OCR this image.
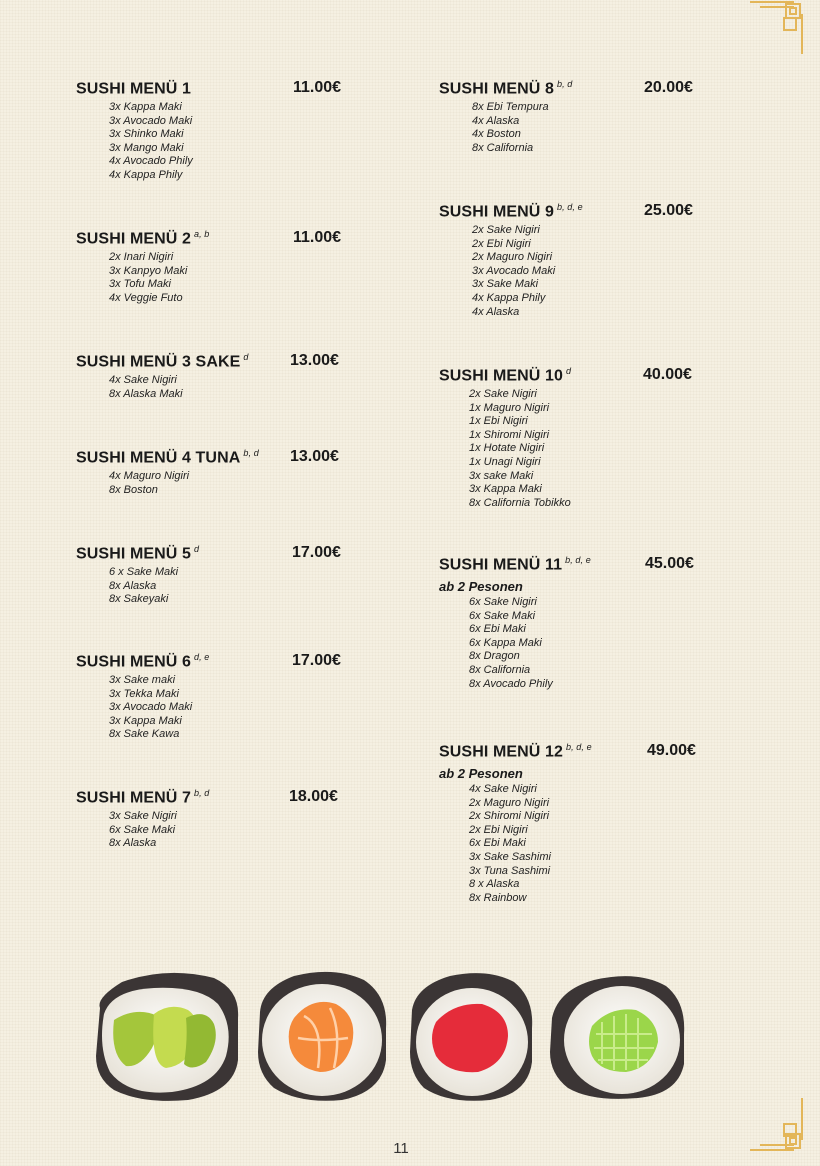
SUSHI MENÜ 1	11.00€
3x Kappa Maki
3x Avocado Maki
3x Shinko Maki
3x Mango Maki
4x Avocado Phily
4x Kappa Phily
SUSHI MENÜ 2 $^{a, b}$	11.00€
2x Inari Nigiri
3x Kanpyo Maki
3x Tofu Maki
4x Veggie Futo
SUSHI MENÜ 3 SAKE $^d$	13.00€
4x Sake Nigiri
8x Alaska Maki
SUSHI MENÜ 4 TUNA $^{b, d}$ 13.00€
4x Maguro Nigiri
8x Boston
SUSHI MENÜ 5 $^d$	17.00€
6 x Sake Maki
8x Alaska
8x Sakeyaki
SUSHI MENÜ 6 $^{d, e}$	17.00€
3x Sake maki
3x Tekka Maki
3x Avocado Maki
3x Kappa Maki
8x Sake Kawa
SUSHI MENÜ 7 $^{b, d}$	18.00€
3x Sake Nigiri
6x Sake Maki
8x Alaska
SUSHI MENÜ 8 $^{b, d}$	20.00€
8x Ebi Tempura
4x Alaska
4x Boston
8x California
SUSHI MENÜ 9 $^{b, d, e}$	25.00€
2x Sake Nigiri
2x Ebi Nigiri
2x Maguro Nigiri
3x Avocado Maki
3x Sake Maki
4x Kappa Phily
4x Alaska
SUSHI MENÜ 10 $^d$	40.00€
2x Sake Nigiri
1x Maguro Nigiri
1x Ebi Nigiri
1x Shiromi Nigiri
1x Hotate Nigiri
1x Unagi Nigiri
3x sake Maki
3x Kappa Maki
8x California Tobikko
SUSHI MENÜ 11 $^{b, d, e}$	45.00€
ab 2 Pesonen
6x Sake Nigiri
6x Sake Maki
6x Ebi Maki
6x Kappa Maki
8x Dragon
8x California
8x Avocado Phily
SUSHI MENÜ 12 $^{b, d, e}$	49.00€
ab 2 Pesonen
4x Sake Nigiri
2x Maguro Nigiri
2x Shiromi Nigiri
2x Ebi Nigiri
6x Ebi Maki
3x Sake Sashimi
3x Tuna Sashimi
8 x Alaska
8x Rainbow
11
